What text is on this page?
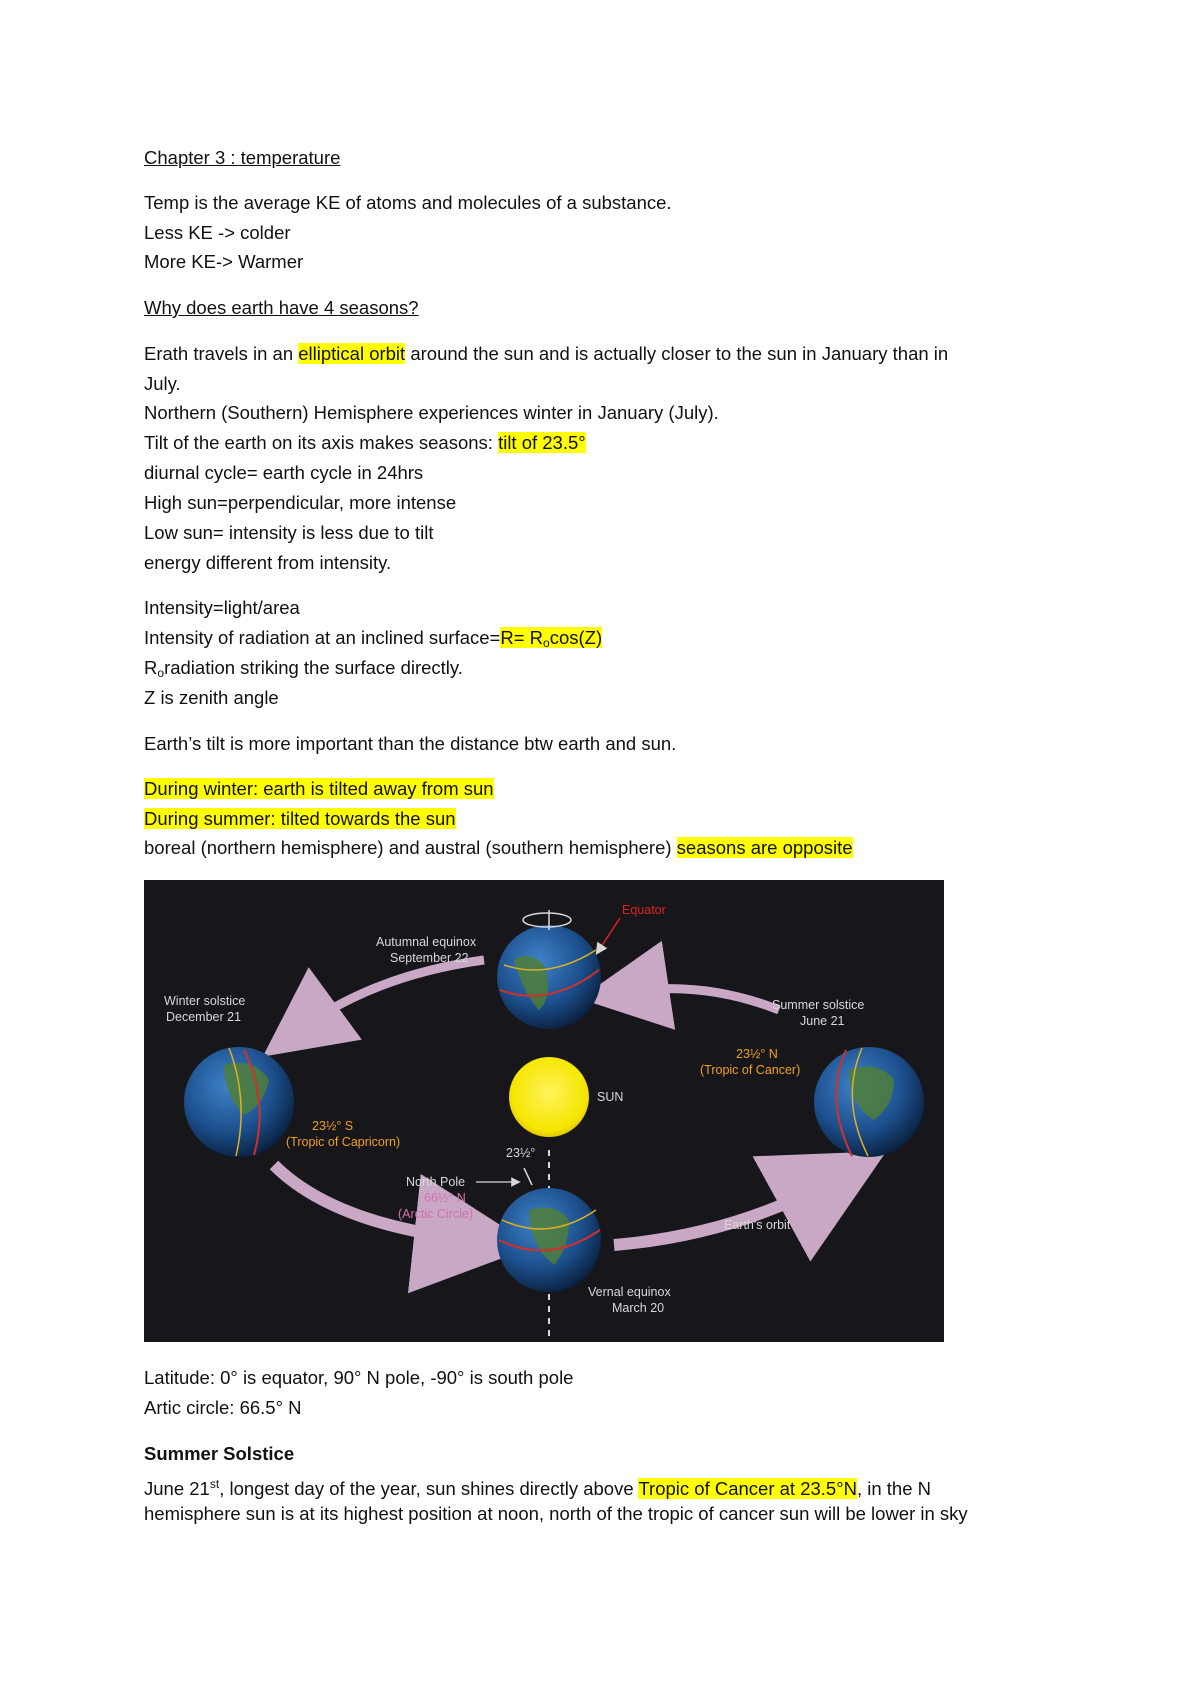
Chapter 3 : temperature
Temp is the average KE of atoms and molecules of a substance.
Less KE -> colder
More KE-> Warmer
Why does earth have 4 seasons?
Erath travels in an elliptical orbit around the sun and is actually closer to the sun in January than in
July.
Northern (Southern) Hemisphere experiences winter in January (July).
Tilt of the earth on its axis makes seasons: tilt of 23.5°
diurnal cycle= earth cycle in 24hrs
High sun=perpendicular, more intense
Low sun= intensity is less due to tilt
energy different from intensity.
Intensity=light/area
Intensity of radiation at an inclined surface=R= $R_o\cos(Z)$
$R_oradiation$ striking the surface directly.
Z is zenith angle
Earth’s tilt is more important than the distance btw earth and sun.
During winter: earth is tilted away from sun
During summer: tilted towards the sun
boreal (northern hemisphere) and austral (southern hemisphere) seasons are opposite
SUN
Autumnal equinox
September 22
Equator
Winter solstice
December 21
23½° S
(Tropic of Capricorn)
Summer solstice
June 21
23½° N
(Tropic of Cancer)
23½°
North Pole
66½° N
(Arctic Circle)
Earth's orbit
Vernal equinox
March 20
Latitude: 0° is equator, 90° N pole, -90° is south pole
Artic circle: 66.5° N
Summer Solstice
June 21st, longest day of the year, sun shines directly above Tropic of Cancer at 23.5°N, in the N
hemisphere sun is at its highest position at noon, north of the tropic of cancer sun will be lower in sky
